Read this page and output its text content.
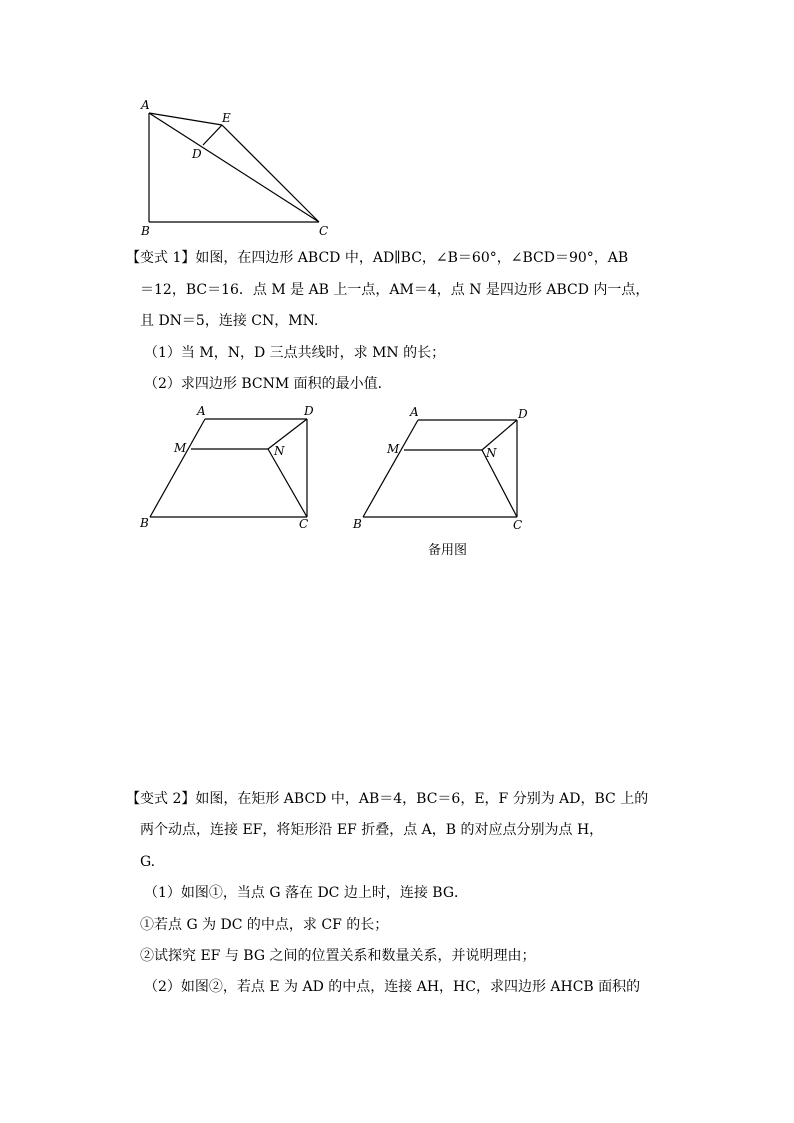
A
E
D
B	C
【变式 1】如图，在四边形 ABCD 中，AD∥BC，∠B＝60°，∠BCD＝90°，AB
＝12，BC＝16．点 M 是 AB 上一点，AM＝4，点 N 是四边形 ABCD 内一点，
且 DN＝5，连接 CN，MN.
（1）当 M，N，D 三点共线时，求 MN 的长；
（2）求四边形 BCNM 面积的最小值．
A	D
M	N
B	C
A	D
M	N
B	C
备用图
【变式 2】如图，在矩形 ABCD 中，AB＝4，BC＝6，E，F 分别为 AD，BC 上的
两个动点，连接 EF，将矩形沿 EF 折叠，点 A，B 的对应点分别为点 H，
G.
（1）如图①，当点 G 落在 DC 边上时，连接 BG．
①若点 G 为 DC 的中点，求 CF 的长；
②试探究 EF 与 BG 之间的位置关系和数量关系，并说明理由；
（2）如图②，若点 E 为 AD 的中点，连接 AH，HC，求四边形 AHCB 面积的
